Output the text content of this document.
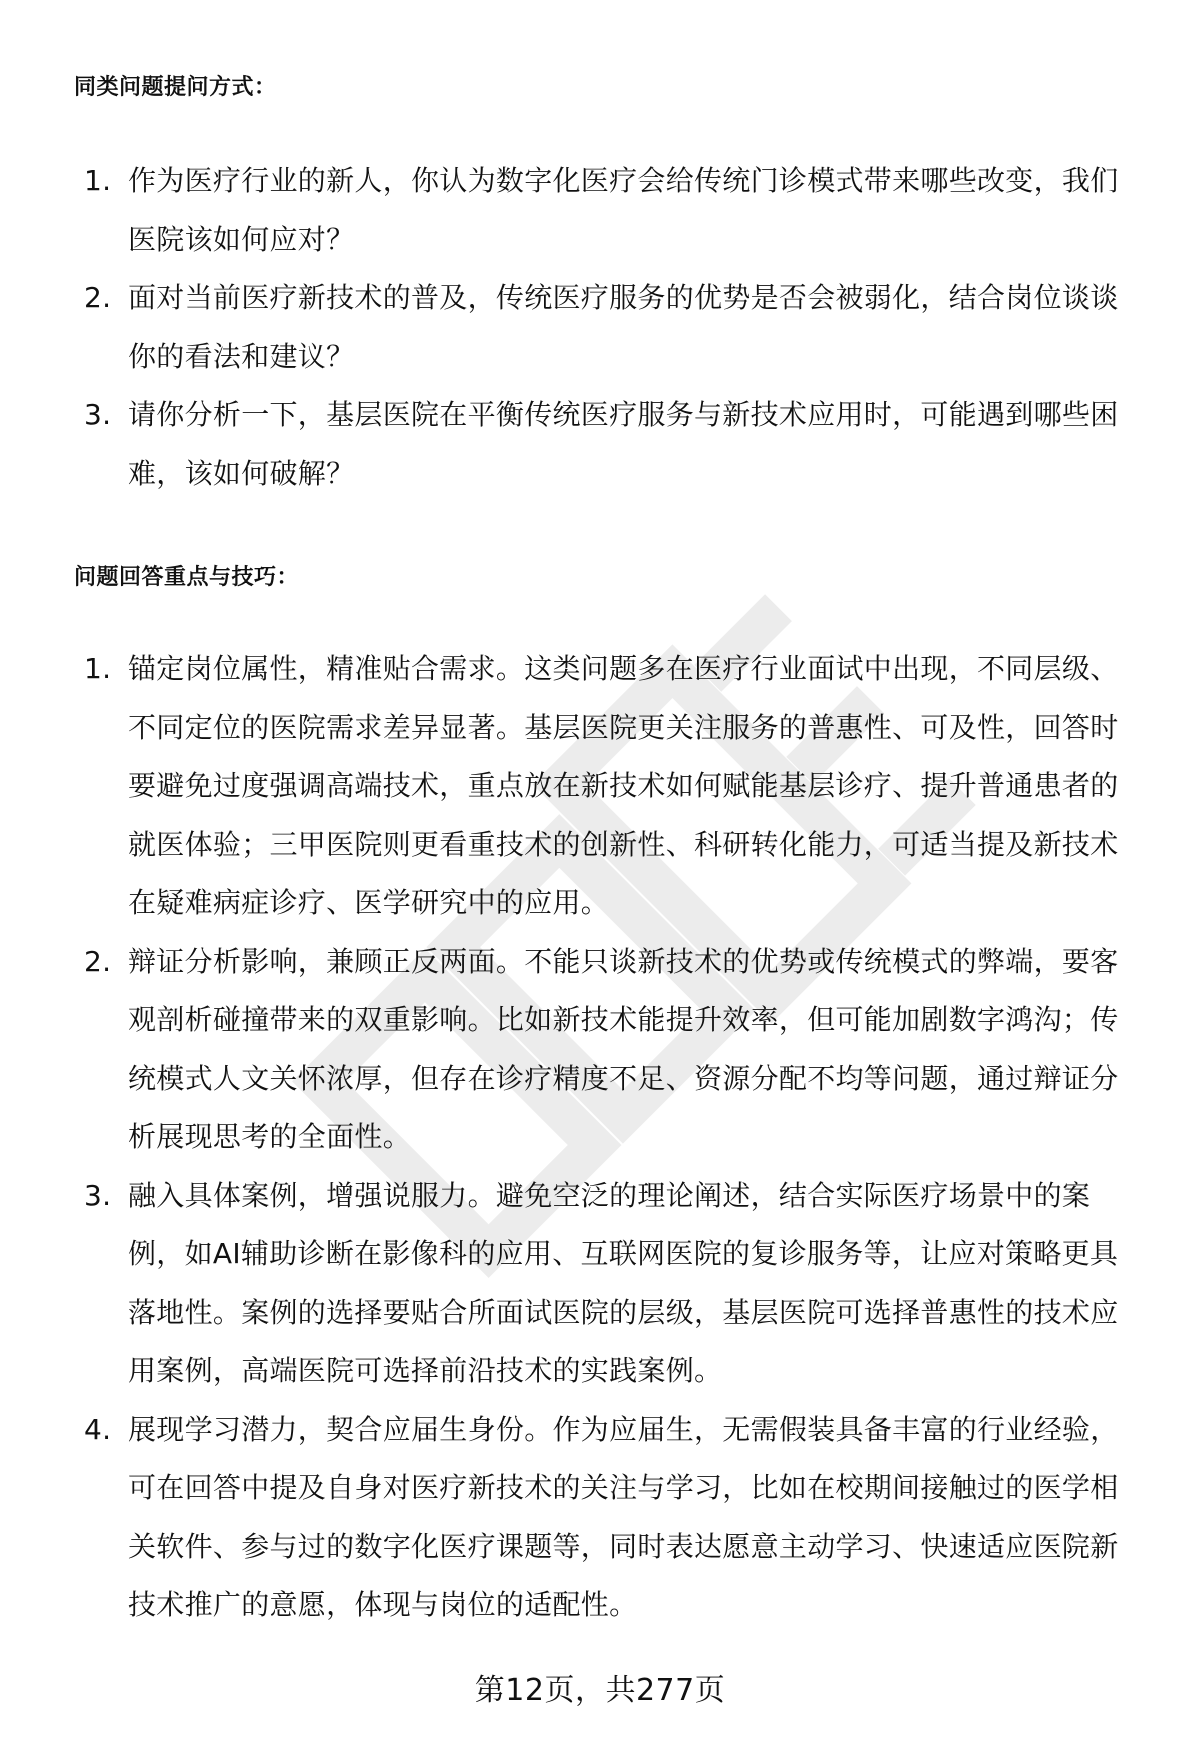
同类问题提问方式：
1. 作为医疗行业的新人，你认为数字化医疗会给传统门诊模式带来哪些改变，我们医院该如何应对？
2. 面对当前医疗新技术的普及，传统医疗服务的优势是否会被弱化，结合岗位谈谈你的看法和建议？
3. 请你分析一下，基层医院在平衡传统医疗服务与新技术应用时，可能遇到哪些困难，该如何破解？
问题回答重点与技巧：
1. 锚定岗位属性，精准贴合需求。这类问题多在医疗行业面试中出现，不同层级、不同定位的医院需求差异显著。基层医院更关注服务的普惠性、可及性，回答时要避免过度强调高端技术，重点放在新技术如何赋能基层诊疗、提升普通患者的就医体验；三甲医院则更看重技术的创新性、科研转化能力，可适当提及新技术在疑难病症诊疗、医学研究中的应用。
2. 辩证分析影响，兼顾正反两面。不能只谈新技术的优势或传统模式的弊端，要客观剖析碰撞带来的双重影响。比如新技术能提升效率，但可能加剧数字鸿沟；传统模式人文关怀浓厚，但存在诊疗精度不足、资源分配不均等问题，通过辩证分析展现思考的全面性。
3. 融入具体案例，增强说服力。避免空泛的理论阐述，结合实际医疗场景中的案例，如AI辅助诊断在影像科的应用、互联网医院的复诊服务等，让应对策略更具落地性。案例的选择要贴合所面试医院的层级，基层医院可选择普惠性的技术应用案例，高端医院可选择前沿技术的实践案例。
4. 展现学习潜力，契合应届生身份。作为应届生，无需假装具备丰富的行业经验，可在回答中提及自身对医疗新技术的关注与学习，比如在校期间接触过的医学相关软件、参与过的数字化医疗课题等，同时表达愿意主动学习、快速适应医院新技术推广的意愿，体现与岗位的适配性。
第12页，共277页
